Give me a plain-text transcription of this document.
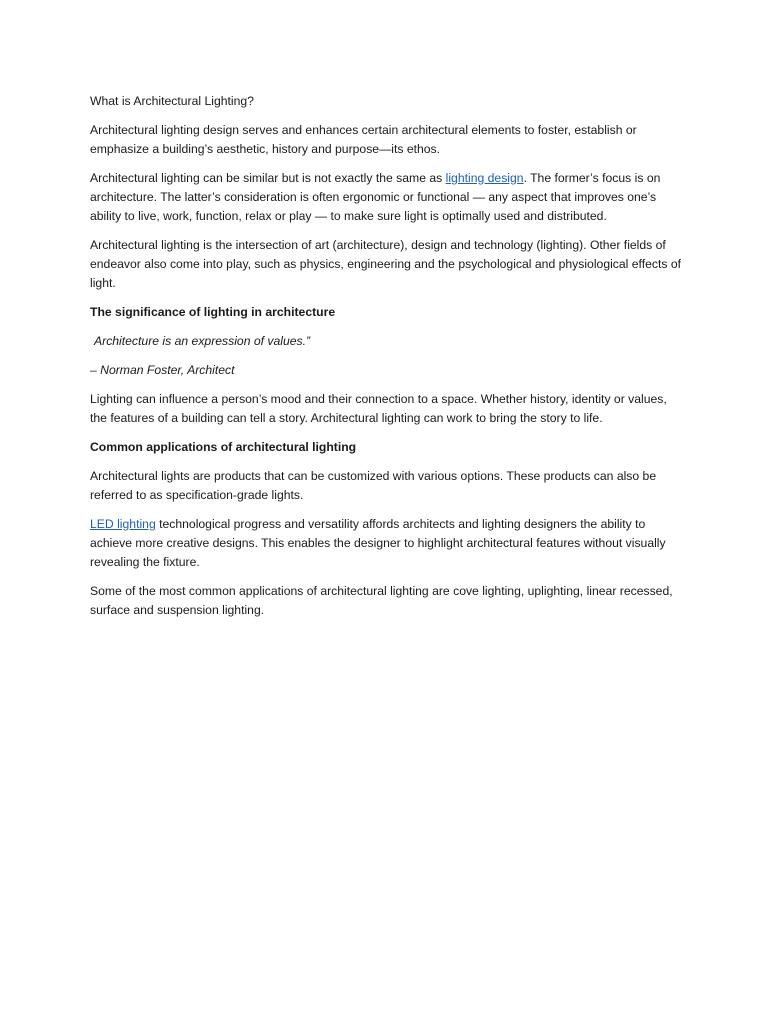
What is Architectural Lighting?

Architectural lighting design serves and enhances certain architectural elements to foster, establish or emphasize a building’s aesthetic, history and purpose—its ethos.

Architectural lighting can be similar but is not exactly the same as lighting design. The former’s focus is on architecture. The latter’s consideration is often ergonomic or functional — any aspect that improves one’s ability to live, work, function, relax or play — to make sure light is optimally used and distributed.

Architectural lighting is the intersection of art (architecture), design and technology (lighting). Other fields of endeavor also come into play, such as physics, engineering and the psychological and physiological effects of light.

The significance of lighting in architecture

Architecture is an expression of values.”

– Norman Foster, Architect

Lighting can influence a person’s mood and their connection to a space. Whether history, identity or values, the features of a building can tell a story. Architectural lighting can work to bring the story to life.

Common applications of architectural lighting

Architectural lights are products that can be customized with various options. These products can also be referred to as specification-grade lights.

LED lighting technological progress and versatility affords architects and lighting designers the ability to achieve more creative designs. This enables the designer to highlight architectural features without visually revealing the fixture.

Some of the most common applications of architectural lighting are cove lighting, uplighting, linear recessed, surface and suspension lighting.
